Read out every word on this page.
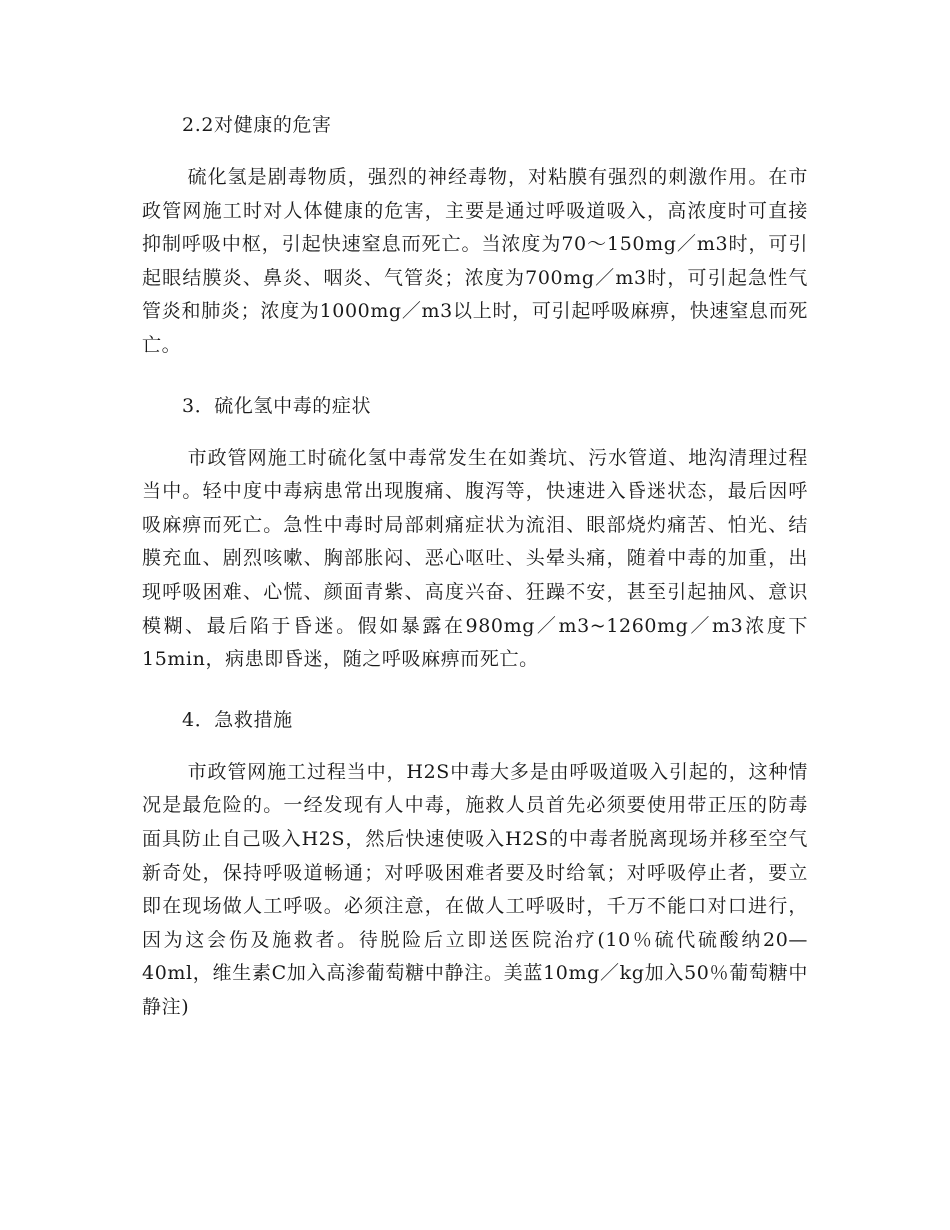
2.2对健康的危害

硫化氢是剧毒物质，强烈的神经毒物，对粘膜有强烈的刺激作用。在市政管网施工时对人体健康的危害，主要是通过呼吸道吸入，高浓度时可直接抑制呼吸中枢，引起快速窒息而死亡。当浓度为70～150mg／m3时，可引起眼结膜炎、鼻炎、咽炎、气管炎；浓度为700mg／m3时，可引起急性气管炎和肺炎；浓度为1000mg／m3以上时，可引起呼吸麻痹，快速窒息而死亡。

3．硫化氢中毒的症状

市政管网施工时硫化氢中毒常发生在如粪坑、污水管道、地沟清理过程当中。轻中度中毒病患常出现腹痛、腹泻等，快速进入昏迷状态，最后因呼吸麻痹而死亡。急性中毒时局部刺痛症状为流泪、眼部烧灼痛苦、怕光、结膜充血、剧烈咳嗽、胸部胀闷、恶心呕吐、头晕头痛，随着中毒的加重，出现呼吸困难、心慌、颜面青紫、高度兴奋、狂躁不安，甚至引起抽风、意识模糊、最后陷于昏迷。假如暴露在980mg／m3~1260mg／m3浓度下15min，病患即昏迷，随之呼吸麻痹而死亡。

4．急救措施

市政管网施工过程当中，H2S中毒大多是由呼吸道吸入引起的，这种情况是最危险的。一经发现有人中毒，施救人员首先必须要使用带正压的防毒面具防止自己吸入H2S，然后快速使吸入H2S的中毒者脱离现场并移至空气新奇处，保持呼吸道畅通；对呼吸困难者要及时给氧；对呼吸停止者，要立即在现场做人工呼吸。必须注意，在做人工呼吸时，千万不能口对口进行，因为这会伤及施救者。待脱险后立即送医院治疗(10％硫代硫酸纳20—40ml，维生素C加入高渗葡萄糖中静注。美蓝10mg／kg加入50％葡萄糖中静注)
